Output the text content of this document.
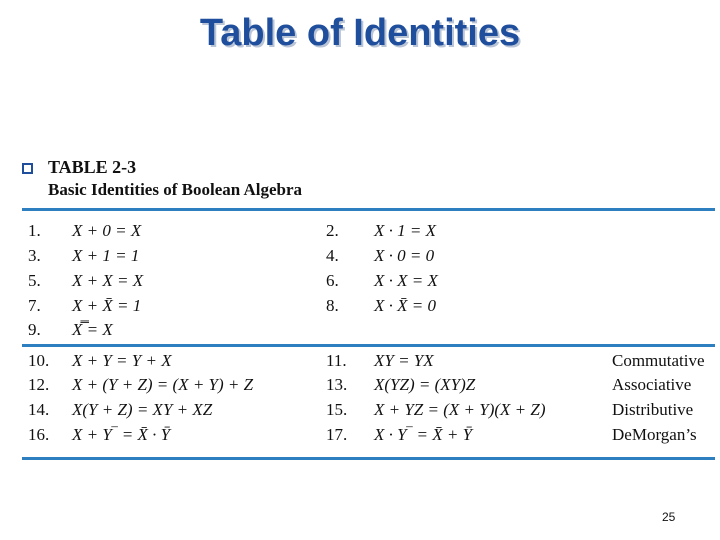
Table of Identities
TABLE 2-3
Basic Identities of Boolean Algebra
1. X + 0 = X	2. X · 1 = X
3. X + 1 = 1	4. X · 0 = 0
5. X + X = X	6. X · X = X
7. X + X̄ = 1	8. X · X̄ = 0
9. X̿ = X
10. X + Y = Y + X	11. XY = YX	Commutative
12. X + (Y + Z) = (X + Y) + Z	13. X(YZ) = (XY)Z	Associative
14. X(Y + Z) = XY + XZ	15. X + YZ = (X + Y)(X + Z)	Distributive
16. X + Y‾ = X̄ · Ȳ	17. X · Y‾ = X̄ + Ȳ	DeMorgan’s
25
